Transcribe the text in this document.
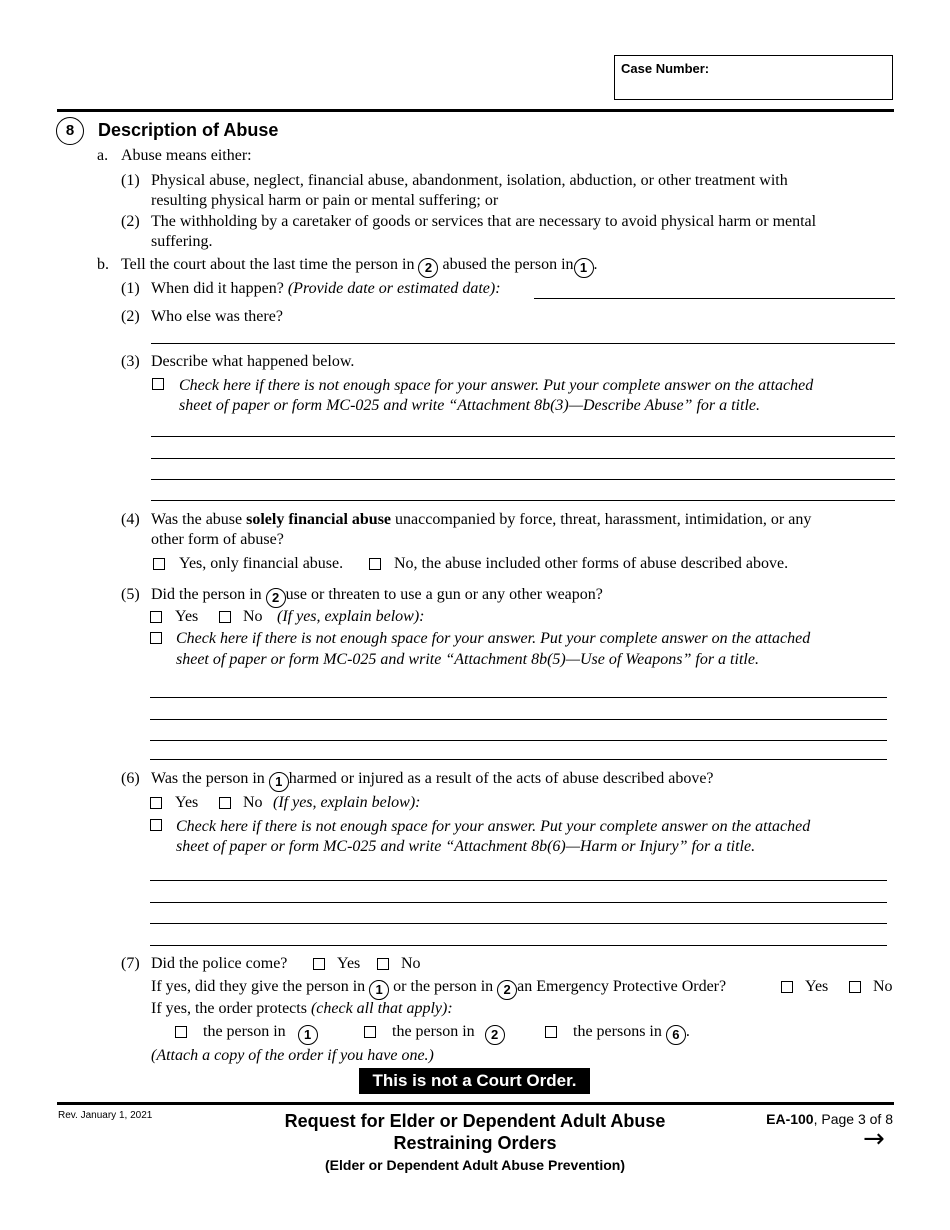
Case Number:
8	Description of Abuse
a. Abuse means either:
(1) Physical abuse, neglect, financial abuse, abandonment, isolation, abduction, or other treatment with
resulting physical harm or pain or mental suffering; or
(2) The withholding by a caretaker of goods or services that are necessary to avoid physical harm or mental
suffering.
b. Tell the court about the last time the person in 2 abused the person in 1 .
(1) When did it happen? (Provide date or estimated date):
(2) Who else was there?
(3) Describe what happened below.
Check here if there is not enough space for your answer. Put your complete answer on the attached
sheet of paper or form MC-025 and write “Attachment 8b(3)—Describe Abuse” for a title.
(4) Was the abuse solely financial abuse unaccompanied by force, threat, harassment, intimidation, or any
other form of abuse?
Yes, only financial abuse.	No, the abuse included other forms of abuse described above.
(5) Did the person in 2 use or threaten to use a gun or any other weapon?
Yes	No (If yes, explain below):
Check here if there is not enough space for your answer. Put your complete answer on the attached
sheet of paper or form MC-025 and write “Attachment 8b(5)—Use of Weapons” for a title.
(6) Was the person in 1 harmed or injured as a result of the acts of abuse described above?
Yes	No (If yes, explain below):
Check here if there is not enough space for your answer. Put your complete answer on the attached
sheet of paper or form MC-025 and write “Attachment 8b(6)—Harm or Injury” for a title.
(7) Did the police come?	Yes	No
If yes, did they give the person in 1 or the person in 2 an Emergency Protective Order?	Yes	No
If yes, the order protects (check all that apply):
the person in 1	the person in 2	the persons in 6 .
(Attach a copy of the order if you have one.)
This is not a Court Order.
Rev. January 1, 2021	Request for Elder or Dependent Adult Abuse
Restraining Orders
(Elder or Dependent Adult Abuse Prevention)
EA-100, Page 3 of 8
→
